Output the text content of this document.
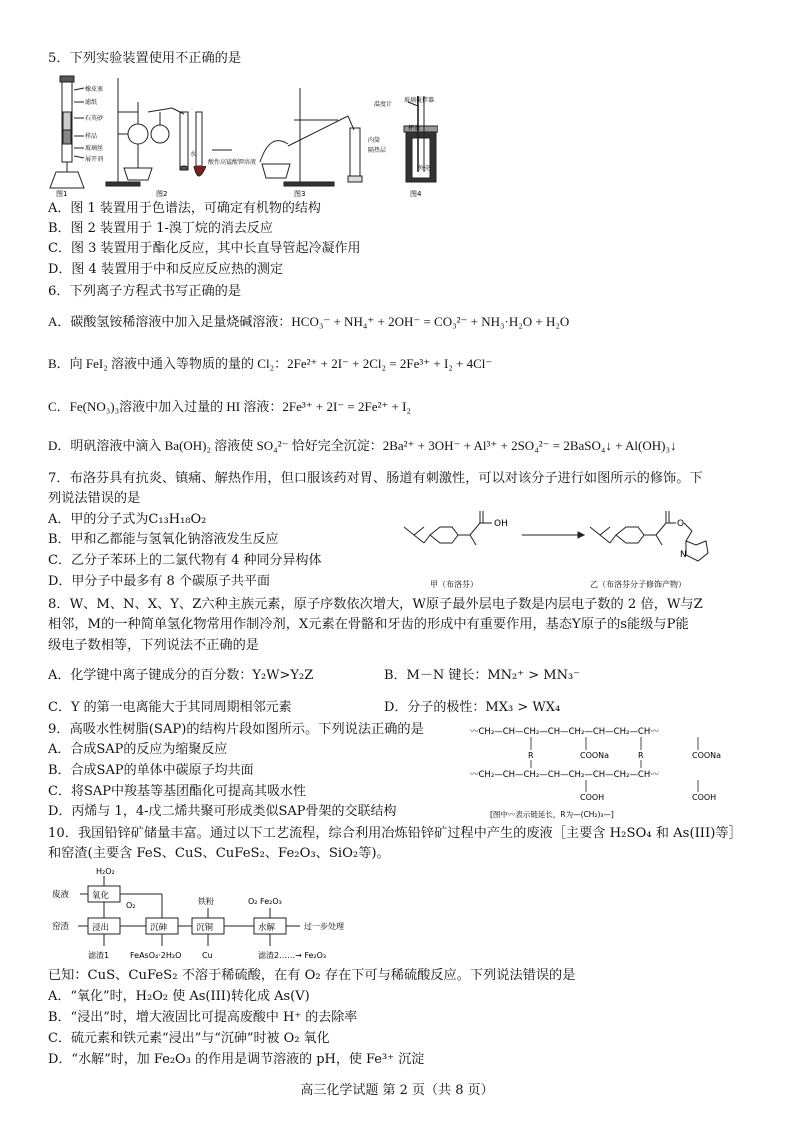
5．下列实验装置使用不正确的是
橡皮塞
滤纸
石英砂
样品
玻璃丝
展开剂
图1	图2
水
酸性高锰酸钾溶液
图3
温度计
玻璃搅拌器
杯盖
内筒
隔热层
外壳
图4
A．图 1 装置用于色谱法，可确定有机物的结构
B．图 2 装置用于 1-溴丁烷的消去反应
C．图 3 装置用于酯化反应，其中长直导管起冷凝作用
D．图 4 装置用于中和反应反应热的测定
6．下列离子方程式书写正确的是
A．碳酸氢铵稀溶液中加入足量烧碱溶液：HCO₃⁻ + NH₄⁺ + 2OH⁻ = CO₃²⁻ + NH₃·H₂O + H₂O
B．向 FeI₂ 溶液中通入等物质的量的 Cl₂：2Fe²⁺ + 2I⁻ + 2Cl₂ = 2Fe³⁺ + I₂ + 4Cl⁻
C．Fe(NO₃)₃溶液中加入过量的 HI 溶液：2Fe³⁺ + 2I⁻ = 2Fe²⁺ + I₂
D．明矾溶液中滴入 Ba(OH)₂ 溶液使 SO₄²⁻ 恰好完全沉淀：2Ba²⁺ + 3OH⁻ + Al³⁺ + 2SO₄²⁻ = 2BaSO₄↓ + Al(OH)₃↓
7．布洛芬具有抗炎、镇痛、解热作用，但口服该药对胃、肠道有刺激性，可以对该分子进行如图所示的修饰。下
列说法错误的是
A．甲的分子式为C₁₃H₁₈O₂
B．甲和乙都能与氢氧化钠溶液发生反应
C．乙分子苯环上的二氯代物有 4 种同分异构体
D．甲分子中最多有 8 个碳原子共平面
OH	O
N
甲（布洛芬）	乙（布洛芬分子修饰产物）
8．W、M、N、X、Y、Z六种主族元素，原子序数依次增大，W原子最外层电子数是内层电子数的 2 倍，W与Z
相邻，M的一种简单氢化物常用作制冷剂，X元素在骨骼和牙齿的形成中有重要作用，基态Y原子的s能级与P能
级电子数相等，下列说法不正确的是
A．化学键中离子键成分的百分数：Y₂W>Y₂Z	B．M－N 键长：MN₂⁺ > MN₃⁻
C．Y 的第一电离能大于其同周期相邻元素	D．分子的极性：MX₃ > WX₄
9．高吸水性树脂(SAP)的结构片段如图所示。下列说法正确的是
A．合成SAP的反应为缩聚反应
B．合成SAP的单体中碳原子均共面
C．将SAP中羧基等基团酯化可提高其吸水性
D．丙烯与 1，4-戊二烯共聚可形成类似SAP骨架的交联结构
〰CH₂—CH—CH₂—CH—CH₂—CH—CH₂—CH〰
R	COONa	R	COONa
〰CH₂—CH—CH₂—CH—CH₂—CH—CH₂—CH〰
COOH	COOH
[图中〰表示链延长，R为—(CH₂)₃—]
10．我国铅锌矿储量丰富。通过以下工艺流程，综合利用冶炼铅锌矿过程中产生的废液［主要含 H₂SO₄ 和 As(III)等］
和窑渣(主要含 FeS、CuS、CuFeS₂、Fe₂O₃、SiO₂等)。
H₂O₂
废液	氧化
窑渣	浸出
O₂
沉砷
铁粉
沉铜
O₂ Fe₂O₃
水解	过一步处理
滤渣1	FeAsO₄·2H₂O	Cu	滤渣2……→ Fe₂O₃
已知：CuS、CuFeS₂ 不溶于稀硫酸，在有 O₂ 存在下可与稀硫酸反应。下列说法错误的是
A．“氧化”时，H₂O₂ 使 As(III)转化成 As(V)
B．“浸出”时，增大液固比可提高废酸中 H⁺ 的去除率
C．硫元素和铁元素“浸出”与“沉砷”时被 O₂ 氧化
D．“水解”时，加 Fe₂O₃ 的作用是调节溶液的 pH，使 Fe³⁺ 沉淀
高三化学试题 第 2 页（共 8 页）
